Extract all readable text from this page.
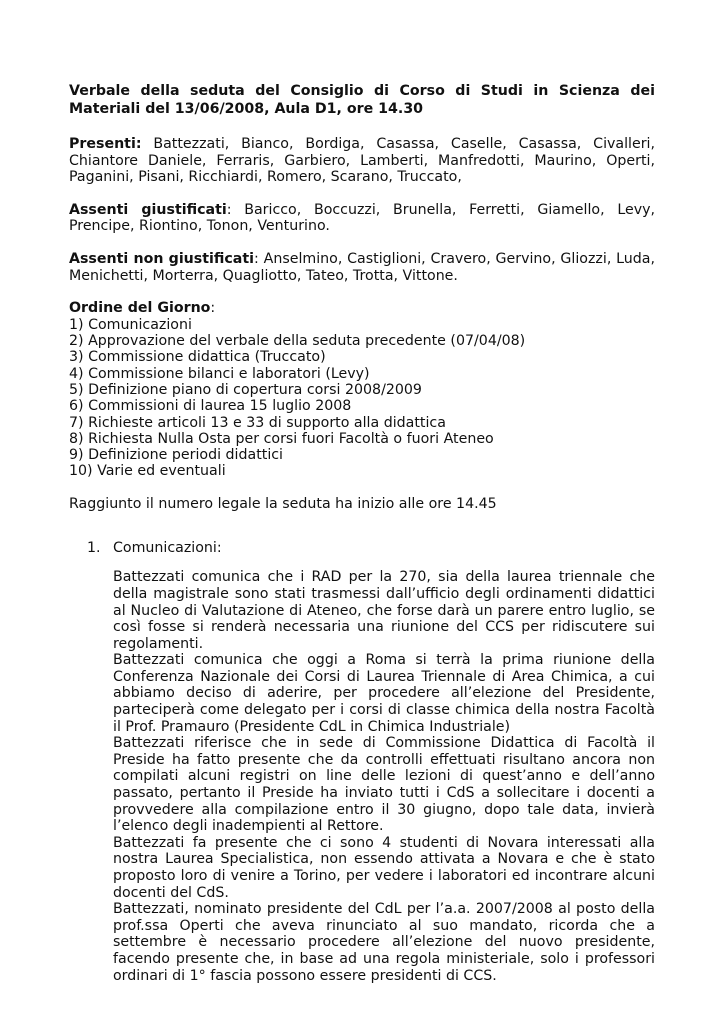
Verbale della seduta del Consiglio di Corso di Studi in Scienza dei Materiali del 13/06/2008, Aula D1, ore 14.30

Presenti: Battezzati, Bianco, Bordiga, Casassa, Caselle, Casassa, Civalleri, Chiantore Daniele, Ferraris, Garbiero, Lamberti, Manfredotti, Maurino, Operti, Paganini, Pisani, Ricchiardi, Romero, Scarano, Truccato,

Assenti giustificati: Baricco, Boccuzzi, Brunella, Ferretti, Giamello, Levy, Prencipe, Riontino, Tonon, Venturino.

Assenti non giustificati: Anselmino, Castiglioni, Cravero, Gervino, Gliozzi, Luda, Menichetti, Morterra, Quagliotto, Tateo, Trotta, Vittone.

Ordine del Giorno:

1) Comunicazioni
2) Approvazione del verbale della seduta precedente (07/04/08)
3) Commissione didattica (Truccato)
4) Commissione bilanci e laboratori (Levy)
5) Definizione piano di copertura corsi 2008/2009
6) Commissioni di laurea 15 luglio 2008
7) Richieste articoli 13 e 33 di supporto alla didattica
8) Richiesta Nulla Osta per corsi fuori Facoltà o fuori Ateneo
9) Definizione periodi didattici
10) Varie ed eventuali

Raggiunto il numero legale la seduta ha inizio alle ore 14.45

1. Comunicazioni:

Battezzati comunica che i RAD per la 270, sia della laurea triennale che della magistrale sono stati trasmessi dall’ufficio degli ordinamenti didattici al Nucleo di Valutazione di Ateneo, che forse darà un parere entro luglio, se così fosse si renderà necessaria una riunione del CCS per ridiscutere sui regolamenti.

Battezzati comunica che oggi a Roma si terrà la prima riunione della Conferenza Nazionale dei Corsi di Laurea Triennale di Area Chimica, a cui abbiamo deciso di aderire, per procedere all’elezione del Presidente, parteciperà come delegato per i corsi di classe chimica della nostra Facoltà il Prof. Pramauro (Presidente CdL in Chimica Industriale)

Battezzati riferisce che in sede di Commissione Didattica di Facoltà il Preside ha fatto presente che da controlli effettuati risultano ancora non compilati alcuni registri on line delle lezioni di quest’anno e dell’anno passato, pertanto il Preside ha inviato tutti i CdS a sollecitare i docenti a provvedere alla compilazione entro il 30 giugno, dopo tale data, invierà l’elenco degli inadempienti al Rettore.

Battezzati fa presente che ci sono 4 studenti di Novara interessati alla nostra Laurea Specialistica, non essendo attivata a Novara e che è stato proposto loro di venire a Torino, per vedere i laboratori ed incontrare alcuni docenti del CdS.

Battezzati, nominato presidente del CdL per l’a.a. 2007/2008 al posto della prof.ssa Operti che aveva rinunciato al suo mandato, ricorda che a settembre è necessario procedere all’elezione del nuovo presidente, facendo presente che, in base ad una regola ministeriale, solo i professori ordinari di 1° fascia possono essere presidenti di CCS.
